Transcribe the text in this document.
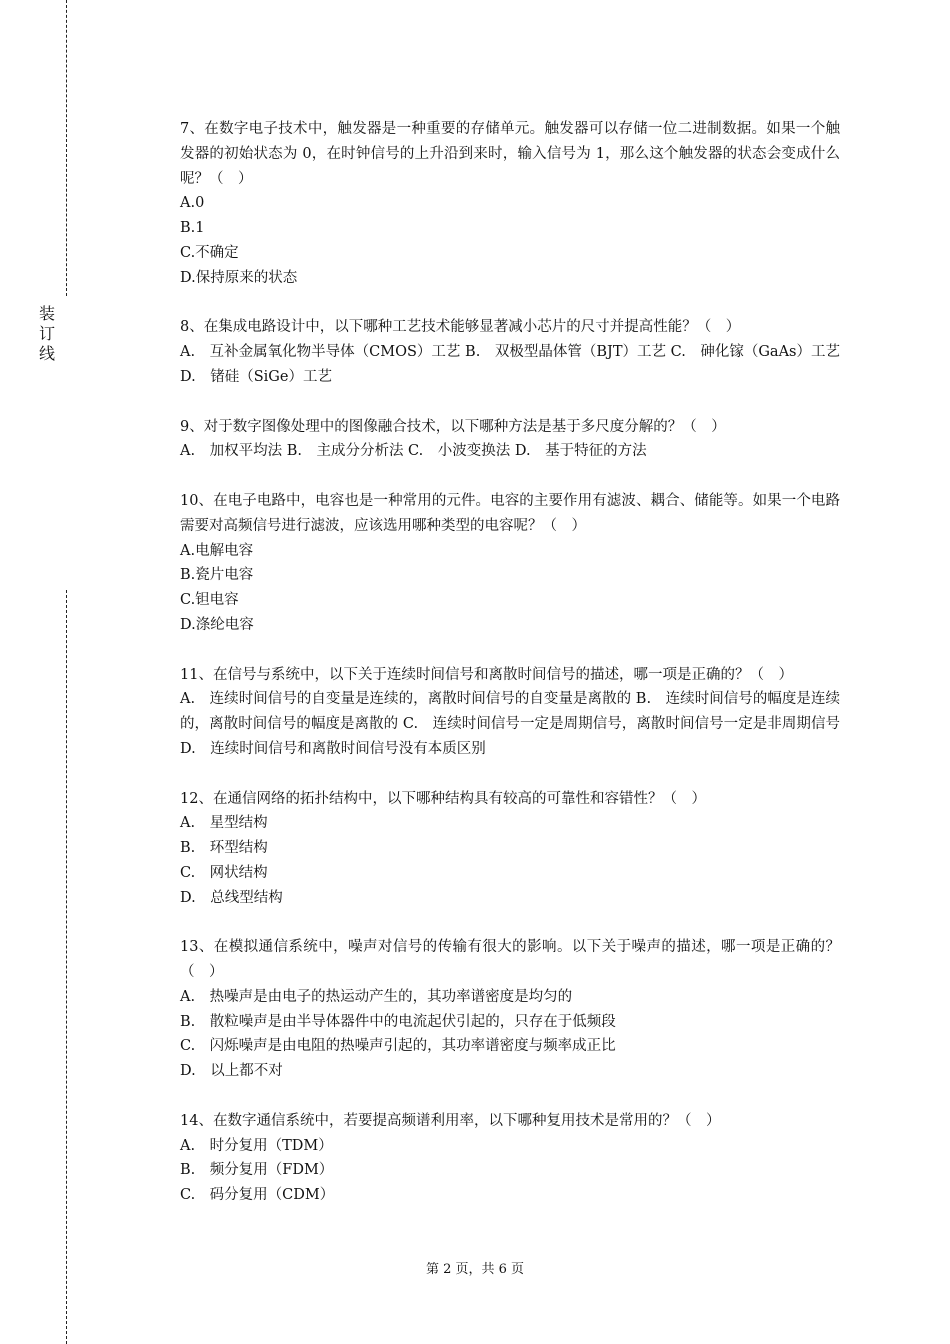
装
订
线

7、在数字电子技术中，触发器是一种重要的存储单元。触发器可以存储一位二进制数据。如果一个触发器的初始状态为 0，在时钟信号的上升沿到来时，输入信号为 1，那么这个触发器的状态会变成什么呢？（　）

A.0

B.1

C.不确定

D.保持原来的状态

8、在集成电路设计中，以下哪种工艺技术能够显著减小芯片的尺寸并提高性能？（　）

A.　互补金属氧化物半导体（CMOS）工艺 B.　双极型晶体管（BJT）工艺 C.　砷化镓（GaAs）工艺 D.　锗硅（SiGe）工艺

9、对于数字图像处理中的图像融合技术，以下哪种方法是基于多尺度分解的？（　）

A.　加权平均法 B.　主成分分析法 C.　小波变换法 D.　基于特征的方法

10、在电子电路中，电容也是一种常用的元件。电容的主要作用有滤波、耦合、储能等。如果一个电路需要对高频信号进行滤波，应该选用哪种类型的电容呢？（　）

A.电解电容

B.瓷片电容

C.钽电容

D.涤纶电容

11、在信号与系统中，以下关于连续时间信号和离散时间信号的描述，哪一项是正确的？（　）

A.　连续时间信号的自变量是连续的，离散时间信号的自变量是离散的 B.　连续时间信号的幅度是连续的，离散时间信号的幅度是离散的 C.　连续时间信号一定是周期信号，离散时间信号一定是非周期信号 D.　连续时间信号和离散时间信号没有本质区别

12、在通信网络的拓扑结构中，以下哪种结构具有较高的可靠性和容错性？（　）

A.　星型结构

B.　环型结构

C.　网状结构

D.　总线型结构

13、在模拟通信系统中，噪声对信号的传输有很大的影响。以下关于噪声的描述，哪一项是正确的？（　）

A.　热噪声是由电子的热运动产生的，其功率谱密度是均匀的

B.　散粒噪声是由半导体器件中的电流起伏引起的，只存在于低频段

C.　闪烁噪声是由电阻的热噪声引起的，其功率谱密度与频率成正比

D.　以上都不对

14、在数字通信系统中，若要提高频谱利用率，以下哪种复用技术是常用的？（　）

A.　时分复用（TDM）

B.　频分复用（FDM）

C.　码分复用（CDM）

第 2 页，共 6 页
